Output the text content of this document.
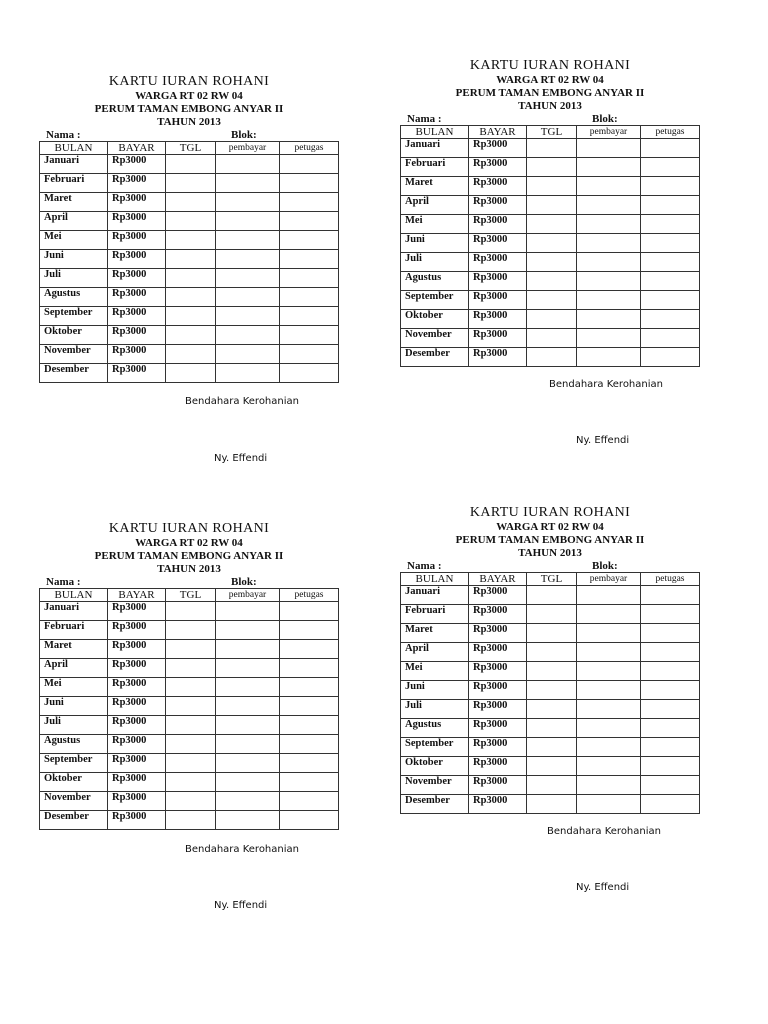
KARTU IURAN ROHANI
WARGA RT 02 RW 04
PERUM TAMAN EMBONG ANYAR II
TAHUN 2013
Nama :	Blok:
BULAN	BAYAR	TGL	pembayar	petugas
Januari	Rp3000			
Februari	Rp3000			
Maret	Rp3000			
April	Rp3000			
Mei	Rp3000			
Juni	Rp3000			
Juli	Rp3000			
Agustus	Rp3000			
September	Rp3000			
Oktober	Rp3000			
November	Rp3000			
Desember	Rp3000			
KARTU IURAN ROHANI
WARGA RT 02 RW 04
PERUM TAMAN EMBONG ANYAR II
TAHUN 2013
Nama :	Blok:
BULAN	BAYAR	TGL	pembayar	petugas
Januari	Rp3000			
Februari	Rp3000			
Maret	Rp3000			
April	Rp3000			
Mei	Rp3000			
Juni	Rp3000			
Juli	Rp3000			
Agustus	Rp3000			
September	Rp3000			
Oktober	Rp3000			
November	Rp3000			
Desember	Rp3000			
KARTU IURAN ROHANI
WARGA RT 02 RW 04
PERUM TAMAN EMBONG ANYAR II
TAHUN 2013
Nama :	Blok:
BULAN	BAYAR	TGL	pembayar	petugas
Januari	Rp3000			
Februari	Rp3000			
Maret	Rp3000			
April	Rp3000			
Mei	Rp3000			
Juni	Rp3000			
Juli	Rp3000			
Agustus	Rp3000			
September	Rp3000			
Oktober	Rp3000			
November	Rp3000			
Desember	Rp3000			
KARTU IURAN ROHANI
WARGA RT 02 RW 04
PERUM TAMAN EMBONG ANYAR II
TAHUN 2013
Nama :	Blok:
BULAN	BAYAR	TGL	pembayar	petugas
Januari	Rp3000			
Februari	Rp3000			
Maret	Rp3000			
April	Rp3000			
Mei	Rp3000			
Juni	Rp3000			
Juli	Rp3000			
Agustus	Rp3000			
September	Rp3000			
Oktober	Rp3000			
November	Rp3000			
Desember	Rp3000			
Bendahara Kerohanian
Ny. Effendi
Bendahara Kerohanian
Ny. Effendi
Bendahara Kerohanian
Ny. Effendi
Bendahara Kerohanian
Ny. Effendi
